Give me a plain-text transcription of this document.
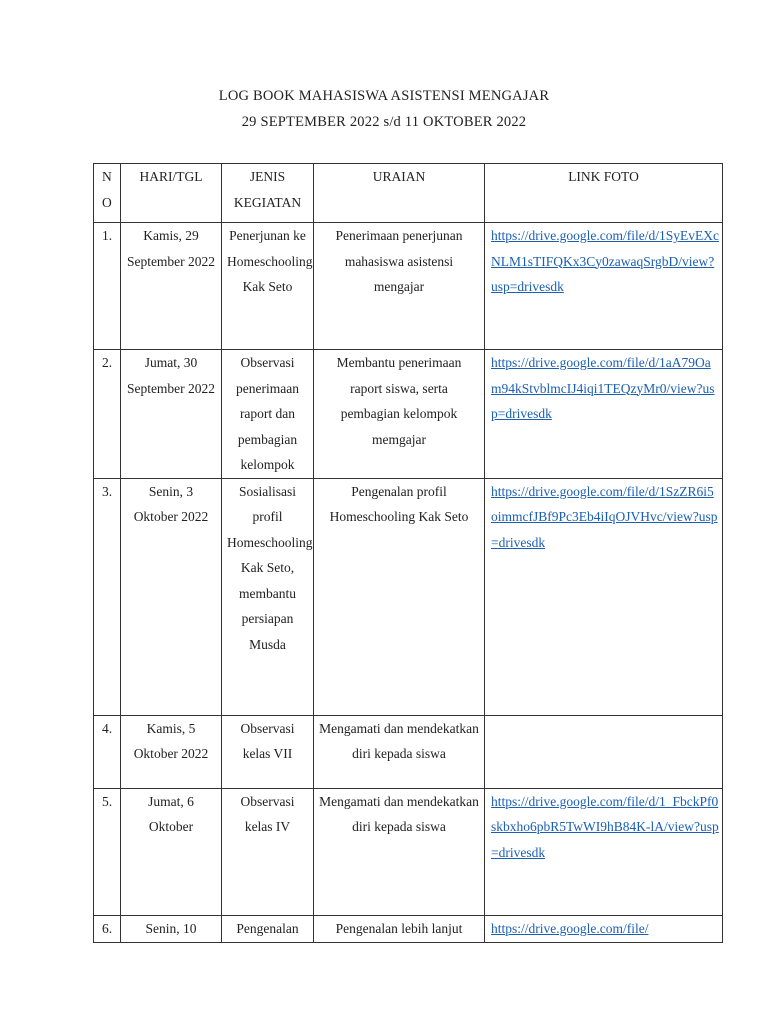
LOG BOOK MAHASISWA ASISTENSI MENGAJAR
29 SEPTEMBER 2022 s/d 11 OKTOBER 2022
N O	HARI/TGL	JENIS KEGIATAN	URAIAN	LINK FOTO
1.	Kamis, 29 September 2022	Penerjunan ke Homeschooling Kak Seto	Penerimaan penerjunan mahasiswa asistensi mengajar	https://drive.google.com/file/d/1SyEvEXcNLM1sTIFQKx3Cy0zawaqSrgbD/view?usp=drivesdk
2.	Jumat, 30 September 2022	Observasi penerimaan raport dan pembagian kelompok	Membantu penerimaan raport siswa, serta pembagian kelompok memgajar	https://drive.google.com/file/d/1aA79Oam94kStvblmcIJ4iqi1TEQzyMr0/view?usp=drivesdk
3.	Senin, 3 Oktober 2022	Sosialisasi profil Homeschooling Kak Seto, membantu persiapan Musda	Pengenalan profil Homeschooling Kak Seto	https://drive.google.com/file/d/1SzZR6i5oimmcfJBf9Pc3Eb4iIqOJVHvc/view?usp=drivesdk
4.	Kamis, 5 Oktober 2022	Observasi kelas VII	Mengamati dan mendekatkan diri kepada siswa	
5.	Jumat, 6 Oktober	Observasi kelas IV	Mengamati dan mendekatkan diri kepada siswa	https://drive.google.com/file/d/1_FbckPf0skbxho6pbR5TwWI9hB84K-lA/view?usp=drivesdk
6.	Senin, 10	Pengenalan	Pengenalan lebih lanjut	https://drive.google.com/file/
